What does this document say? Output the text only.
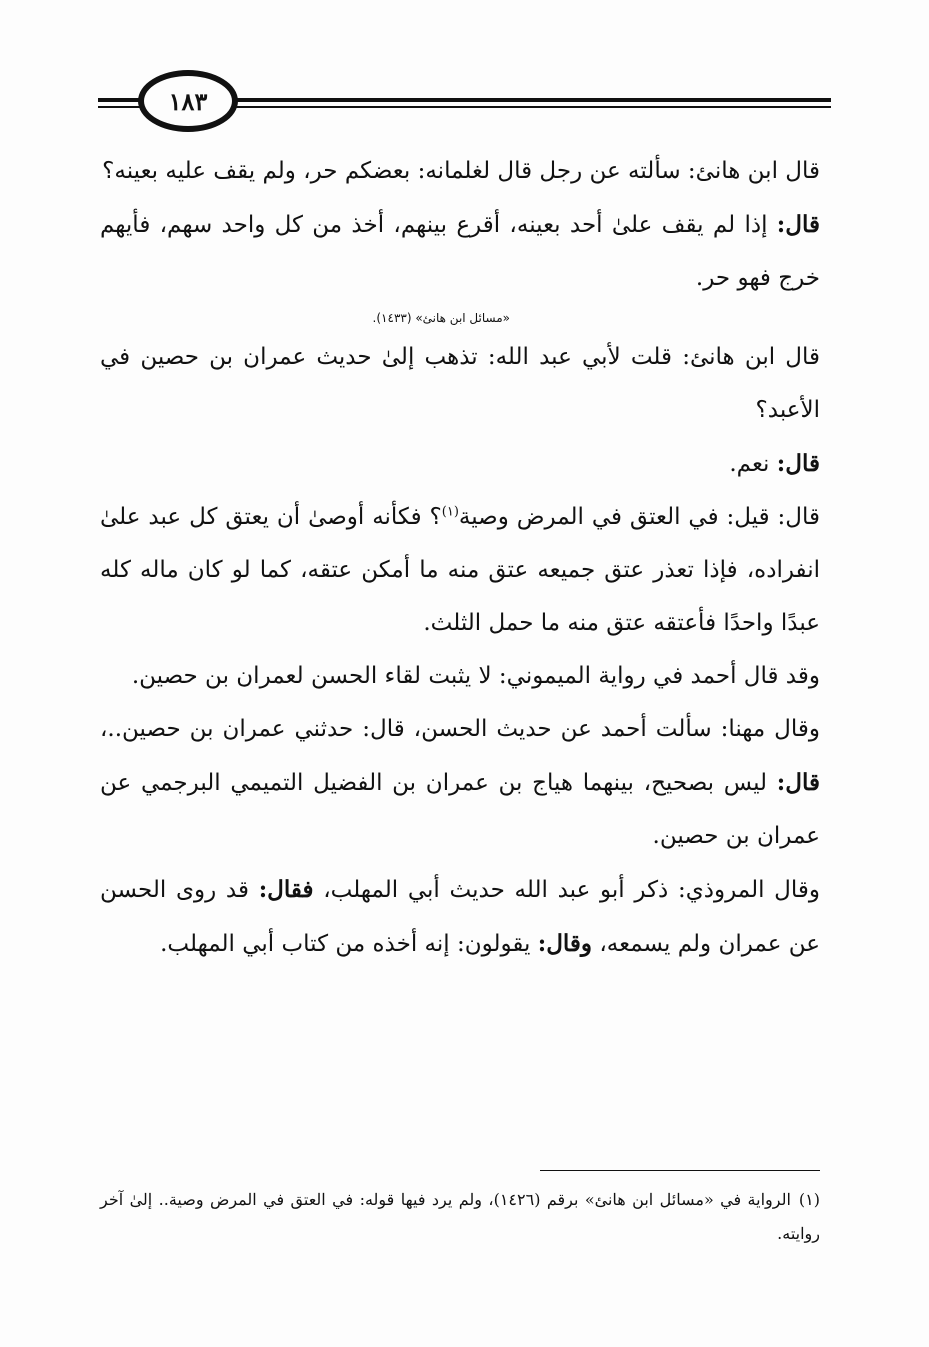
١٨٣

قال ابن هانئ: سألته عن رجل قال لغلمانه: بعضكم حر، ولم يقف عليه بعينه؟

قال: إذا لم يقف علىٰ أحد بعينه، أقرع بينهم، أخذ من كل واحد سهم، فأيهم خرج فهو حر.

«مسائل ابن هانئ» (١٤٣٣).

قال ابن هانئ: قلت لأبي عبد الله: تذهب إلىٰ حديث عمران بن حصين في الأعبد؟

قال: نعم.

قال: قيل: في العتق في المرض وصية$^{(١)}$؟ فكأنه أوصىٰ أن يعتق كل عبد علىٰ انفراده، فإذا تعذر عتق جميعه عتق منه ما أمكن عتقه، كما لو كان ماله كله عبدًا واحدًا فأعتقه عتق منه ما حمل الثلث.

وقد قال أحمد في رواية الميموني: لا يثبت لقاء الحسن لعمران بن حصين.

وقال مهنا: سألت أحمد عن حديث الحسن، قال: حدثني عمران بن حصين..، قال: ليس بصحيح، بينهما هياج بن عمران بن الفضيل التميمي البرجمي عن عمران بن حصين.

وقال المروذي: ذكر أبو عبد الله حديث أبي المهلب، فقال: قد روى الحسن عن عمران ولم يسمعه، وقال: يقولون: إنه أخذه من كتاب أبي المهلب.

(١)الرواية في «مسائل ابن هانئ» برقم (١٤٢٦)، ولم يرد فيها قوله: في العتق في المرض وصية.. إلىٰ آخر روايته.
